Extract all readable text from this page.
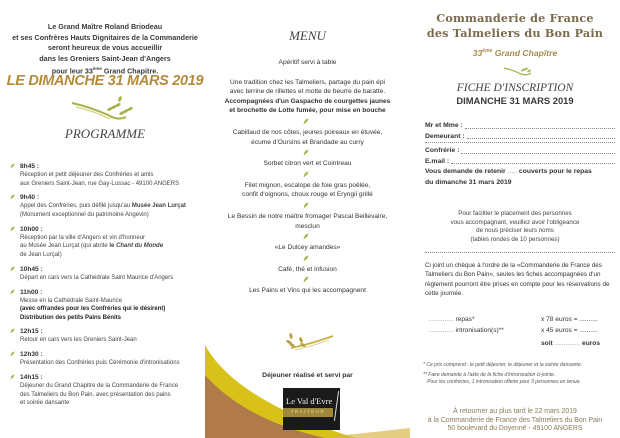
Le Grand Maître Roland Briodeau
et ses Confrères Hauts Dignitaires de la Commanderie
seront heureux de vous accueillir
dans les Greniers Saint-Jean d'Angers
pour leur 33ème Grand Chapitre.
LE DIMANCHE 31 MARS 2019
PROGRAMME
8h45 :
Réception et petit déjeuner des Confréries et amis
aux Greniers Saint-Jean, rue Gay-Lussac - 49100 ANGERS
9h40 :
Appel des Confréries, puis défilé jusqu'au Musée Jean Lurçat
(Monument exceptionnel du patrimoine Angevin)
10h00 :
Réception par la ville d'Angers et vin d'honneur
au Musée Jean Lurçat (qui abrite le Chant du Monde
de Jean Lurçat)
10h45 :
Départ en cars vers la Cathédrale Saint Maurice d'Angers
11h00 :
Messe en la Cathédrale Saint-Maurice
(avec offrandes pour les Confréries qui le désirent)
Distribution des petits Pains Bénits
12h15 :
Retour en cars vers les Greniers Saint-Jean
12h30 :
Présentation des Confréries puis Cérémonie d'intronisations
14h15 :
Déjeuner du Grand Chapitre de la Commanderie de France
des Talmeliers du Bon Pain, avec présentation des pains
et soirée dansante
MENU
Apéritif servi à table
Une tradition chez les Talmeliers, partage du pain épi
avec terrine de rillettes et motte de beurre de baratte.
Accompagnées d'un Gaspacho de courgettes jaunes
et brochette de Lotte fumée, pour mise en bouche
Cabillaud de nos côtes, jeunes poireaux en étuvée,
écume d'Oursins et Brandade au curry
Sorbet citron vert et Cointreau
Filet mignon, escalope de foie gras poêlée,
confit d'oignons, choux rouge et Eryngii grillé
Le Bessin de notre maître fromager Pascal Beillevaire,
mesclun
«Le Dulcey amandes»
Café, thé et infusion
Les Pains et Vins qui les accompagnent
Déjeuner réalisé et servi par
Le Val d'Evre
TRAITEUR
Commanderie de France
des Talmeliers du Bon Pain
33ème Grand Chapître
FICHE D'INSCRIPTION
DIMANCHE 31 MARS 2019
Mr et Mme :
Demeurant :
Confrérie :
E.mail :
Vous demande de retenir ..... couverts pour le repas
du dimanche 31 mars 2019
Pour faciliter le placement des personnes
vous accompagnant, veuillez avoir l'obligeance
de nous préciser leurs noms
(tables rondes de 10 personnes)
Ci joint un chèque à l'ordre de la «Commanderie de France des Talmeliers du Bon Pain», seules les fiches accompagnées d'un règlement pourront être prises en compte pour les réservations de cette journée.
.............. repas*	x 78 euros = ..........
.............. intronisation(s)**	x 45 euros = ..........
soit .............. euros

* Ce prix comprend : le petit déjeuner, le déjeuner et la soirée dansante.

** Faire demande à l'aide de la fiche d'intronisation ci-jointe.
Pour les confréries, 1 intronisation offerte pour 3 personnes en tenue.

À retourner au plus tard le 22 mars 2019
à la Commanderie de France des Talmeliers du Bon Pain
50 boulevard du Doyenné - 49100 ANGERS
